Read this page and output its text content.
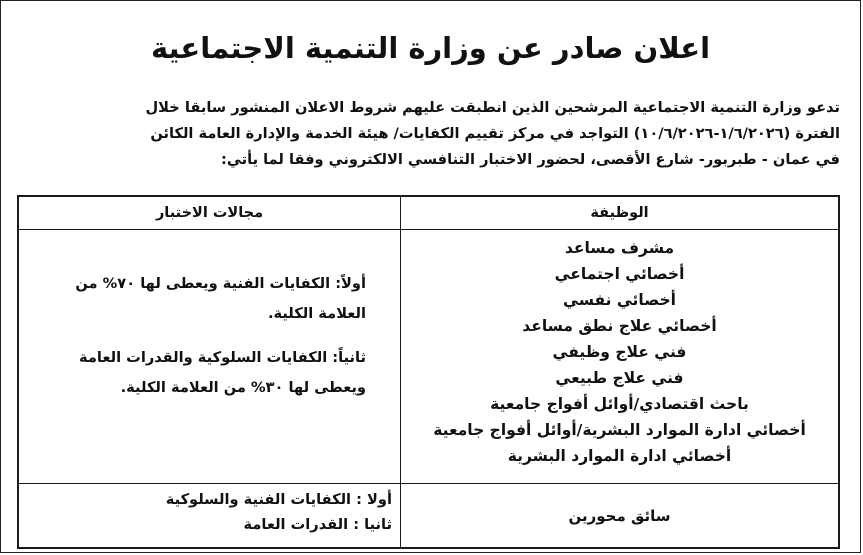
اعلان صادر عن وزارة التنمية الاجتماعية

تدعو وزارة التنمية الاجتماعية المرشحين الذين انطبقت عليهم شروط الاعلان المنشور سابقا خلال

الفترة (١/٦/٢٠٢٦-١٠/٦/٢٠٢٦) التواجد في مركز تقييم الكفايات/ هيئة الخدمة والإدارة العامة الكائن

في عمان - طبربور- شارع الأقصى، لحضور الاختبار التنافسي الالكتروني وفقا لما يأتي:

الوظيفة
مجالات الاختبار
مشرف مساعد
أخصائي اجتماعي
أخصائي نفسي
أخصائي علاج نطق مساعد
فني علاج وظيفي
فني علاج طبيعي
باحث اقتصادي/أوائل أفواج جامعية
أخصائي ادارة الموارد البشرية/أوائل أفواج جامعية
أخصائي ادارة الموارد البشرية

أولاً: الكفايات الفنية ويعطى لها ٧٠% من

العلامة الكلية.

ثانياً: الكفايات السلوكية والقدرات العامة

ويعطى لها ٣٠% من العلامة الكلية.

سائق محورين
أولا : الكفايات الفنية والسلوكية
ثانيا : القدرات العامة
